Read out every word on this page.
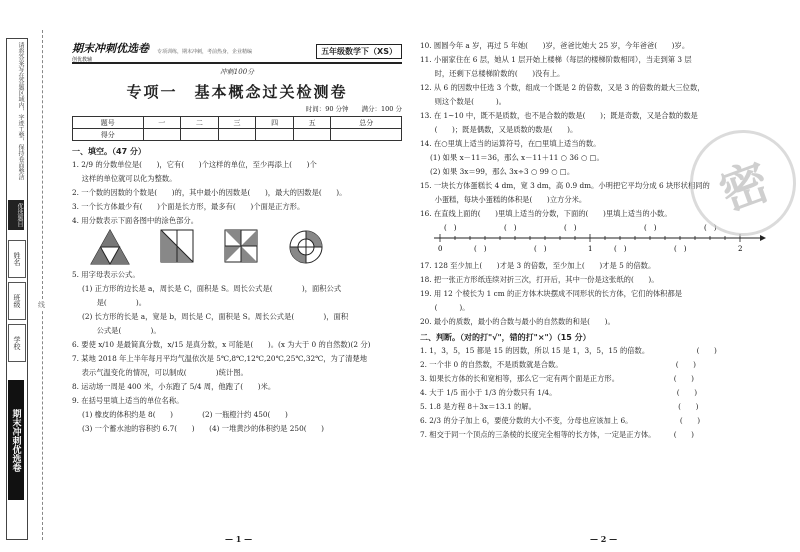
请将答案写在答题区域内，字迹工整，保持卷面整洁
优选题目
姓名
班级
学校
期末冲刺优选卷
线
期末冲刺优选卷
创优教辅
专项训练，期末冲刺，考前热身，企业精编	五年级数学下（XS）
冲刺100分
专项一　基本概念过关检测卷
时间：90 分钟　　满分：100 分
题号	一	二	三	四	五	总分
得分						
一、填空。（47 分）
1. 2/9 的分数单位是(　　)，它有(　　)个这样的单位，至少再添上(　　)个
　 这样的单位就可以化为整数。
2. 一个数的因数的个数是(　　)的，其中最小的因数是(　　)，最大的因数是(　　)。
3. 一个长方体最少有(　　)个面是长方形，最多有(　　)个面是正方形。
4. 用分数表示下面各图中的涂色部分。
5. 用字母表示公式。
(1) 正方形的边长是 a，周长是 C，面积是 S。周长公式是(　　　　)，面积公式
　　是(　　　　)。
(2) 长方形的长是 a，宽是 b，周长是 C，面积是 S。周长公式是(　　　　)，面积
　　公式是(　　　　)。
6. 要使 x/10 是最简真分数，x/15 是真分数，x 可能是(　　)。(x 为大于 0 的自然数)(2 分)
7. 某地 2018 年上半年每月平均气温依次是 5℃,8℃,12℃,20℃,25℃,32℃，为了清楚地
　 表示气温变化的情况，可以制成(　　　　)统计图。
8. 运动场一周是 400 米，小东跑了 5/4 周，他跑了(　　)米。
9. 在括号里填上适当的单位名称。
(1) 橡皮的体积约是 8(　　)　　　　(2) 一瓶橙汁约 450(　　)
(3) 一个蓄水池的容积约 6.7(　　)　　(4) 一堆黄沙的体积约是 250(　　)
10. 圆圆今年 a 岁，再过 5 年她(　　)岁，爸爸比她大 25 岁，今年爸爸(　　)岁。
11. 小丽家住在 6 层，她从 1 层开始上楼梯（每层的楼梯阶数相同），当走到第 3 层
　　时，还剩下总楼梯阶数的(　　)没有上。
12. 从 6 的因数中任选 3 个数，组成一个既是 2 的倍数，又是 3 的倍数的最大三位数，
　　则这个数是(　　　)。
13. 在 1~10 中，既不是质数，也不是合数的数是(　　)；既是奇数，又是合数的数是
　　(　　)；既是偶数，又是质数的数是(　　)。
14. 在○里填上适当的运算符号，在□里填上适当的数。
(1) 如果 x－11＝36，那么 x－11＋11 ○ 36 ○ □。
(2) 如果 3x＝99，那么 3x÷3 ○ 99 ○ □。
15. 一块长方体蛋糕长 4 dm，宽 3 dm，高 0.9 dm。小明把它平均分成 6 块形状相同的
　　小蛋糕，每块小蛋糕的体积是(　　)立方分米。
16. 在直线上面的(　　)里填上适当的分数，下面的(　　)里填上适当的小数。
(　)	(　)	(　)	(　)	(　)
0	1	2
(　)	(　)	(　)	(　)
17. 128 至少加上(　　)才是 3 的倍数，至少加上(　　)才是 5 的倍数。
18. 把一张正方形纸连续对折三次，打开后，其中一份是这张纸的(　　)。
19. 用 12 个棱长为 1 cm 的正方体木块摆成不同形状的长方体，它们的体积都是
　　(　　　)。
20. 最小的质数，最小的合数与最小的自然数的和是(　　)。
二、判断。（对的打"√"，错的打"×"）（15 分）
1. 1，3，5，15 都是 15 的因数，所以 15 是 1，3，5，15 的倍数。　　　　　　　(　　)
2. 一个非 0 的自然数，不是质数就是合数。　　　　　　　　　　　　　　　　(　　)
3. 如果长方体的长和宽相等，那么它一定有两个面是正方形。　　　　　　　　(　　)
4. 大于 1/5 而小于 1/3 的分数只有 1/4。　　　　　　　　　　　　　　　　　(　　)
5. 1.8 是方程 8＋3x＝13.1 的解。　　　　　　　　　　　　　　　　　　　　(　　)
6. 2/3 的分子加上 6，要使分数的大小不变，分母也应该加上 6。　　　　　　　(　　)
7. 相交于同一个顶点的三条棱的长度完全相等的长方体，一定是正方体。　　　(　　)
密
— 1 —	— 2 —
